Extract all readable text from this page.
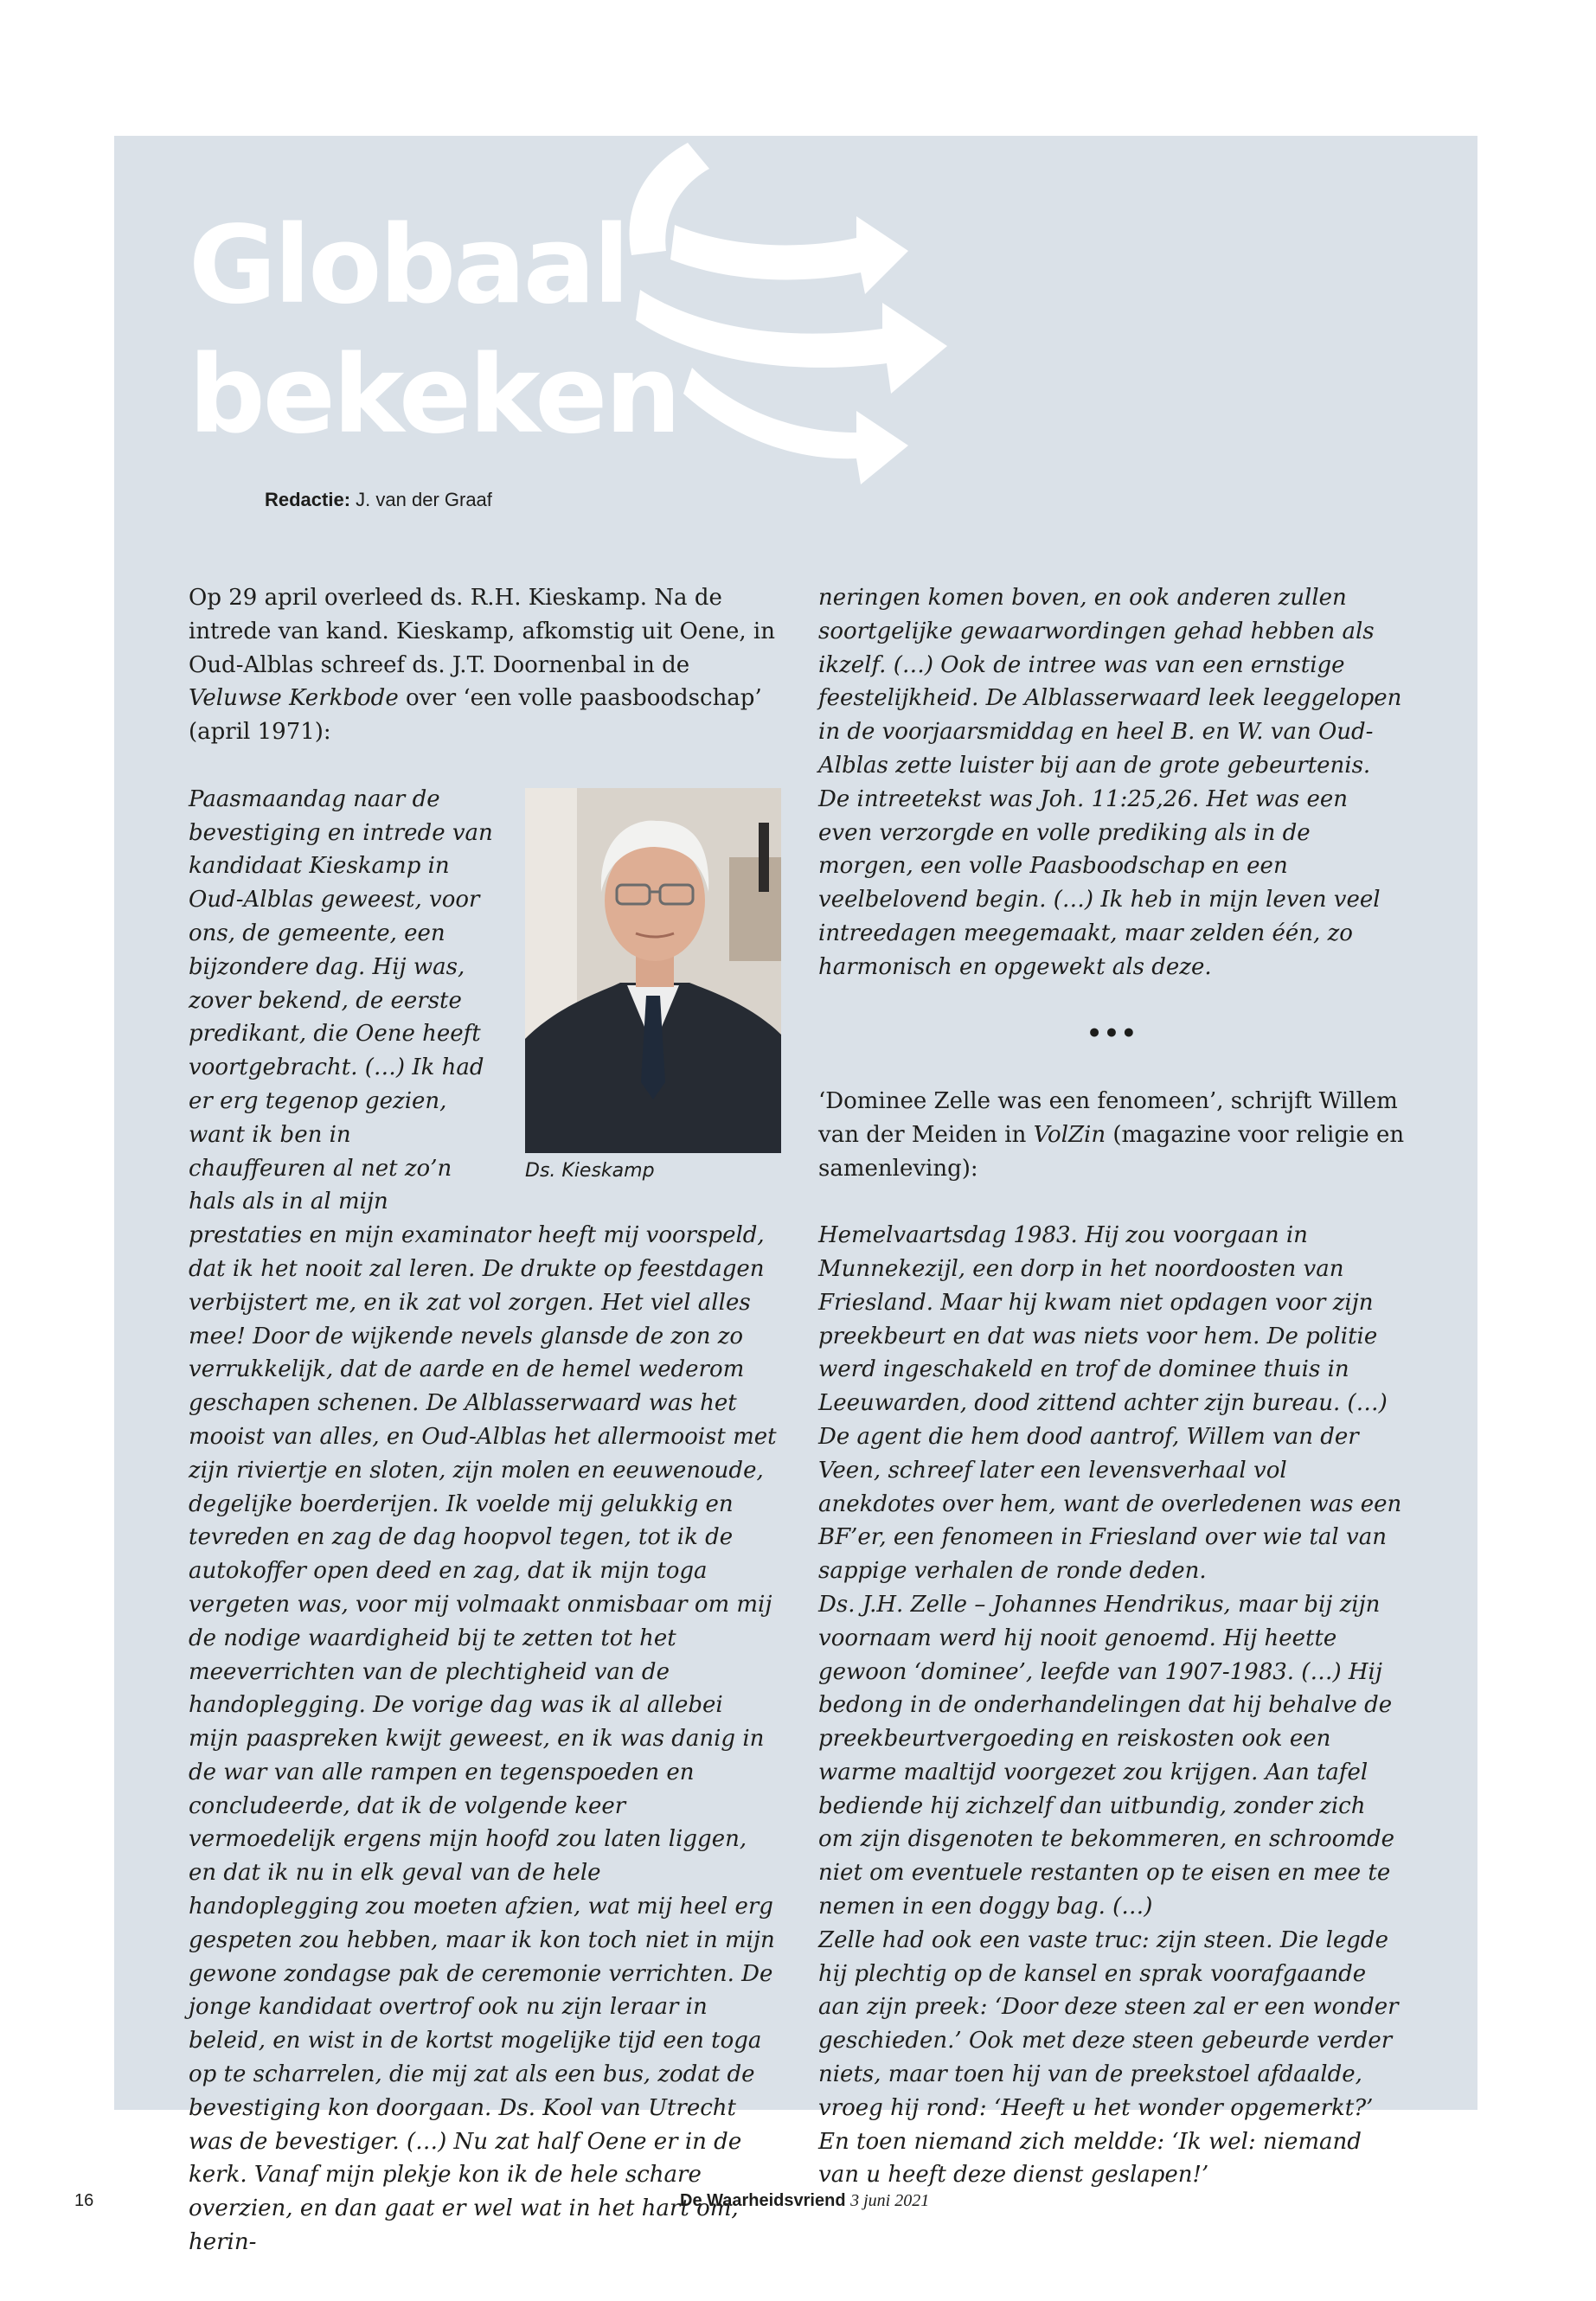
Globaal
bekeken
Redactie: J. van der Graaf

Op 29 april overleed ds. R.H. Kieskamp. Na de intrede van kand. Kieskamp, afkomstig uit Oene, in Oud-Alblas schreef ds. J.T. Doornenbal in de Veluwse Kerkbode over ‘een volle paasboodschap’ (april 1971):

Ds. Kieskamp
Paasmaandag naar de bevestiging en intrede van kandidaat Kieskamp in Oud-Alblas geweest, voor ons, de gemeente, een bijzondere dag. Hij was, zover bekend, de eerste predikant, die Oene heeft voortgebracht. (…) Ik had er erg tegenop gezien, want ik ben in chauffeuren al net zo’n hals als in al mijn prestaties en mijn examinator heeft mij voorspeld, dat ik het nooit zal leren. De drukte op feestdagen verbijstert me, en ik zat vol zorgen. Het viel alles mee! Door de wijkende nevels glansde de zon zo verrukkelijk, dat de aarde en de hemel wederom geschapen schenen. De Alblasserwaard was het mooist van alles, en Oud-Alblas het allermooist met zijn riviertje en sloten, zijn molen en eeuwenoude, degelijke boerderijen. Ik voelde mij gelukkig en tevreden en zag de dag hoopvol tegen, tot ik de autokoffer open deed en zag, dat ik mijn toga vergeten was, voor mij volmaakt onmisbaar om mij de nodige waardigheid bij te zetten tot het meeverrichten van de plechtigheid van de handoplegging. De vorige dag was ik al allebei mijn paaspreken kwijt geweest, en ik was danig in de war van alle rampen en tegenspoeden en concludeerde, dat ik de volgende keer vermoedelijk ergens mijn hoofd zou laten liggen, en dat ik nu in elk geval van de hele handoplegging zou moeten afzien, wat mij heel erg gespeten zou hebben, maar ik kon toch niet in mijn gewone zondagse pak de ceremonie verrichten. De jonge kandidaat overtrof ook nu zijn leraar in beleid, en wist in de kortst mogelijke tijd een toga op te scharrelen, die mij zat als een bus, zodat de bevestiging kon doorgaan. Ds. Kool van Utrecht was de bevestiger. (…) Nu zat half Oene er in de kerk. Vanaf mijn plekje kon ik de hele schare overzien, en dan gaat er wel wat in het hart om, herin-

neringen komen boven, en ook anderen zullen soortgelijke gewaarwordingen gehad hebben als ikzelf. (…) Ook de intree was van een ernstige feestelijkheid. De Alblasserwaard leek leeggelopen in de voorjaarsmiddag en heel B. en W. van Oud-Alblas zette luister bij aan de grote gebeurtenis. De intreetekst was Joh. 11:25,26. Het was een even verzorgde en volle prediking als in de morgen, een volle Paasboodschap en een veelbelovend begin. (…) Ik heb in mijn leven veel intreedagen meegemaakt, maar zelden één, zo harmonisch en opgewekt als deze.

•••

‘Dominee Zelle was een fenomeen’, schrijft Willem van der Meiden in VolZin (magazine voor religie en samenleving):

Hemelvaartsdag 1983. Hij zou voorgaan in Munnekezijl, een dorp in het noordoosten van Friesland. Maar hij kwam niet opdagen voor zijn preekbeurt en dat was niets voor hem. De politie werd ingeschakeld en trof de dominee thuis in Leeuwarden, dood zittend achter zijn bureau. (…)

De agent die hem dood aantrof, Willem van der Veen, schreef later een levensverhaal vol anekdotes over hem, want de overledenen was een BF’er, een fenomeen in Friesland over wie tal van sappige verhalen de ronde deden.

Ds. J.H. Zelle – Johannes Hendrikus, maar bij zijn voornaam werd hij nooit genoemd. Hij heette gewoon ‘dominee’, leefde van 1907-1983. (…) Hij bedong in de onderhandelingen dat hij behalve de preekbeurtvergoeding en reiskosten ook een warme maaltijd voorgezet zou krijgen. Aan tafel bediende hij zichzelf dan uitbundig, zonder zich om zijn disgenoten te bekommeren, en schroomde niet om eventuele restanten op te eisen en mee te nemen in een doggy bag. (…)

Zelle had ook een vaste truc: zijn steen. Die legde hij plechtig op de kansel en sprak voorafgaande aan zijn preek: ‘Door deze steen zal er een wonder geschieden.’ Ook met deze steen gebeurde verder niets, maar toen hij van de preekstoel afdaalde, vroeg hij rond: ‘Heeft u het wonder opgemerkt?’ En toen niemand zich meldde: ‘Ik wel: niemand van u heeft deze dienst geslapen!’

16	De Waarheidsvriend 3 juni 2021
